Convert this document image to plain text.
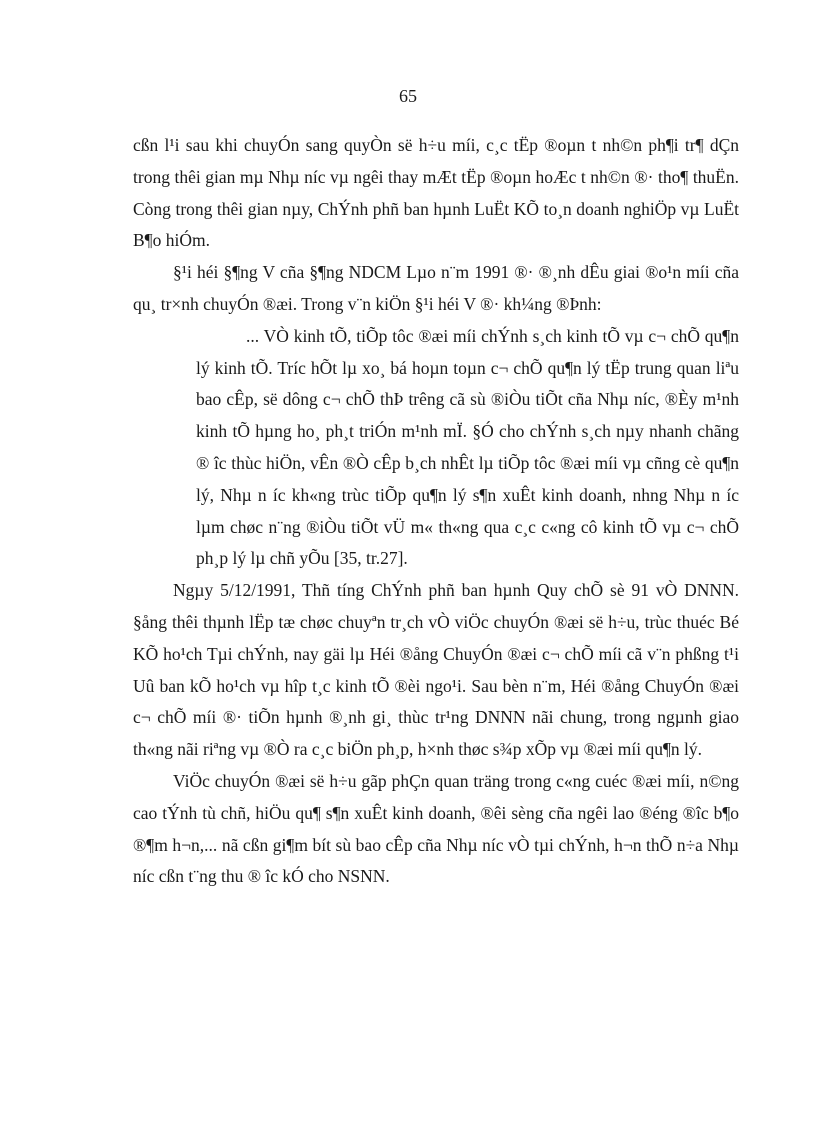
65

cßn l¹i sau khi chuyÓn sang quyÒn së h÷u míi, c¸c tËp ®oµn t nh©n ph¶i tr¶ dÇn trong thêi gian mµ Nhµ níc vµ ngêi thay mÆt tËp ®oµn hoÆc t nh©n ®· tho¶ thuËn. Còng trong thêi gian nµy, ChÝnh phñ ban hµnh LuËt KÕ to¸n doanh nghiÖp vµ LuËt B¶o hiÓm.

§¹i héi §¶ng V cña §¶ng NDCM Lµo n¨m 1991 ®· ®¸nh dÊu giai ®o¹n míi cña qu¸ tr×nh chuyÓn ®æi. Trong v¨n kiÖn §¹i héi V ®· kh¼ng ®Þnh:

... VÒ kinh tÕ, tiÕp tôc ®æi míi chÝnh s¸ch kinh tÕ vµ c¬ chÕ qu¶n lý kinh tÕ. Tríc hÕt lµ xo¸ bá hoµn toµn c¬ chÕ qu¶n lý tËp trung quan liªu bao cÊp, së dông c¬ chÕ thÞ trêng cã sù ®iÒu tiÕt cña Nhµ níc, ®Èy m¹nh kinh tÕ hµng ho¸ ph¸t triÓn m¹nh mÏ. §Ó cho chÝnh s¸ch nµy nhanh chãng ® îc thùc hiÖn, vÊn ®Ò cÊp b¸ch nhÊt lµ tiÕp tôc ®æi míi vµ cñng cè qu¶n lý, Nhµ n íc kh«ng trùc tiÕp qu¶n lý s¶n xuÊt kinh doanh, nhng Nhµ n íc lµm chøc n¨ng ®iÒu tiÕt vÜ m« th«ng qua c¸c c«ng cô kinh tÕ vµ c¬ chÕ ph¸p lý lµ chñ yÕu [35, tr.27].

Ngµy 5/12/1991, Thñ tíng ChÝnh phñ ban hµnh Quy chÕ sè 91 vÒ DNNN. §ång thêi thµnh lËp tæ chøc chuyªn tr¸ch vÒ viÖc chuyÓn ®æi së h÷u, trùc thuéc Bé KÕ ho¹ch Tµi chÝnh, nay gäi lµ Héi ®ång ChuyÓn ®æi c¬ chÕ míi cã v¨n phßng t¹i Uû ban kÕ ho¹ch vµ hîp t¸c kinh tÕ ®èi ngo¹i. Sau bèn n¨m, Héi ®ång ChuyÓn ®æi c¬ chÕ míi ®· tiÕn hµnh ®¸nh gi¸ thùc tr¹ng DNNN nãi chung, trong ngµnh giao th«ng nãi riªng vµ ®Ò ra c¸c biÖn ph¸p, h×nh thøc s¾p xÕp vµ ®æi míi qu¶n lý.

ViÖc chuyÓn ®æi së h÷u gãp phÇn quan träng trong c«ng cuéc ®æi míi, n©ng cao tÝnh tù chñ, hiÖu qu¶ s¶n xuÊt kinh doanh, ®êi sèng cña ngêi lao ®éng ®îc b¶o ®¶m h¬n,... nã cßn gi¶m bít sù bao cÊp cña Nhµ níc vÒ tµi chÝnh, h¬n thÕ n÷a Nhµ níc cßn t¨ng thu ® îc kÓ cho NSNN.
